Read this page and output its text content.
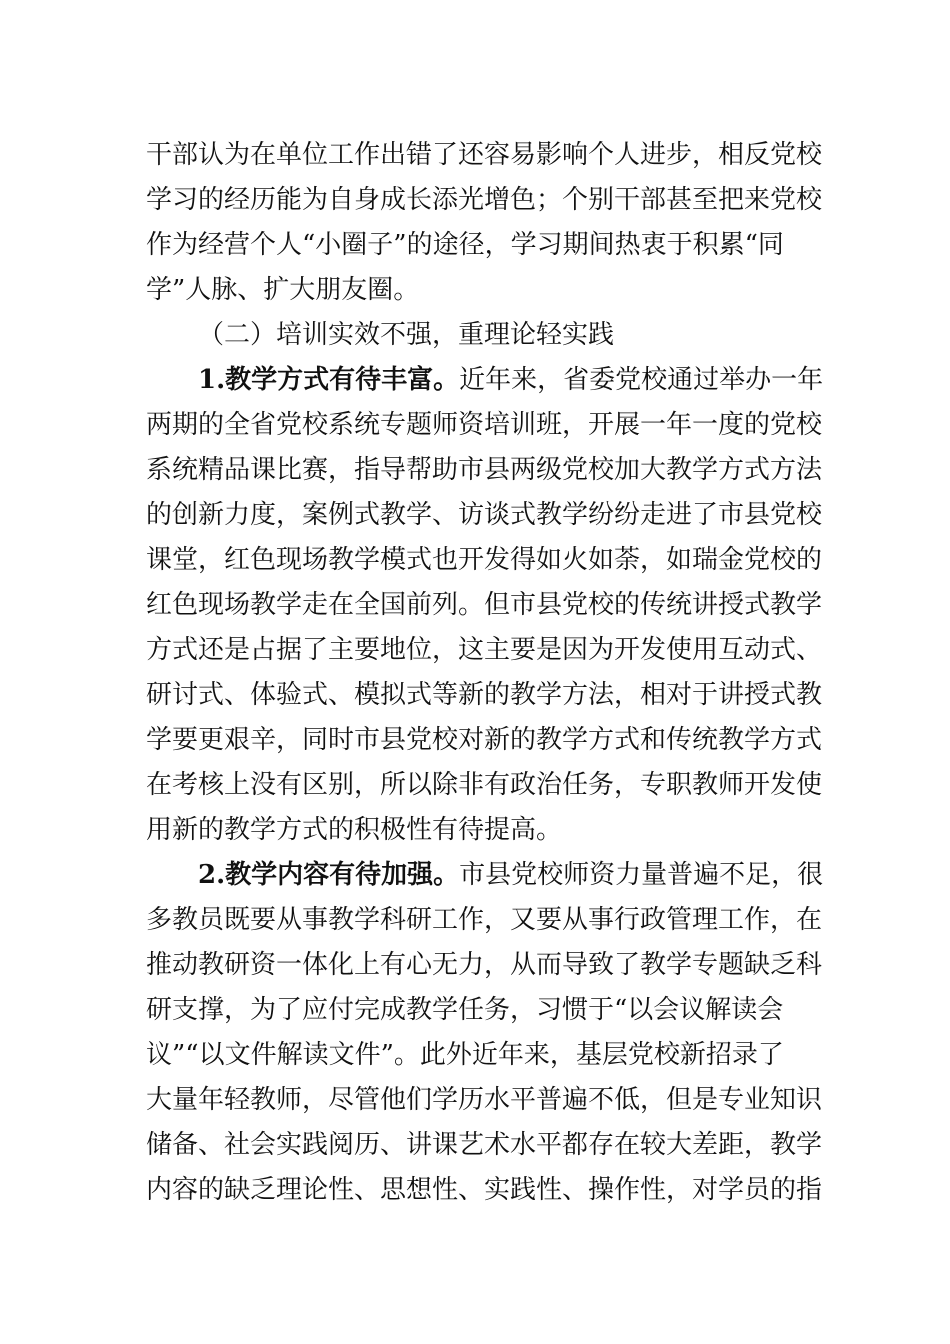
干部认为在单位工作出错了还容易影响个人进步，相反党校

学习的经历能为自身成长添光增色；个别干部甚至把来党校

作为经营个人“小圈子”的途径，学习期间热衷于积累“同

学”人脉、扩大朋友圈。

（二）培训实效不强，重理论轻实践

1.教学方式有待丰富。近年来，省委党校通过举办一年

两期的全省党校系统专题师资培训班，开展一年一度的党校

系统精品课比赛，指导帮助市县两级党校加大教学方式方法

的创新力度，案例式教学、访谈式教学纷纷走进了市县党校

课堂，红色现场教学模式也开发得如火如荼，如瑞金党校的

红色现场教学走在全国前列。但市县党校的传统讲授式教学

方式还是占据了主要地位，这主要是因为开发使用互动式、

研讨式、体验式、模拟式等新的教学方法，相对于讲授式教

学要更艰辛，同时市县党校对新的教学方式和传统教学方式

在考核上没有区别，所以除非有政治任务，专职教师开发使

用新的教学方式的积极性有待提高。

2.教学内容有待加强。市县党校师资力量普遍不足，很

多教员既要从事教学科研工作，又要从事行政管理工作，在

推动教研资一体化上有心无力，从而导致了教学专题缺乏科

研支撑，为了应付完成教学任务，习惯于“以会议解读会

议”“以文件解读文件”。此外近年来，基层党校新招录了

大量年轻教师，尽管他们学历水平普遍不低，但是专业知识

储备、社会实践阅历、讲课艺术水平都存在较大差距，教学

内容的缺乏理论性、思想性、实践性、操作性，对学员的指
